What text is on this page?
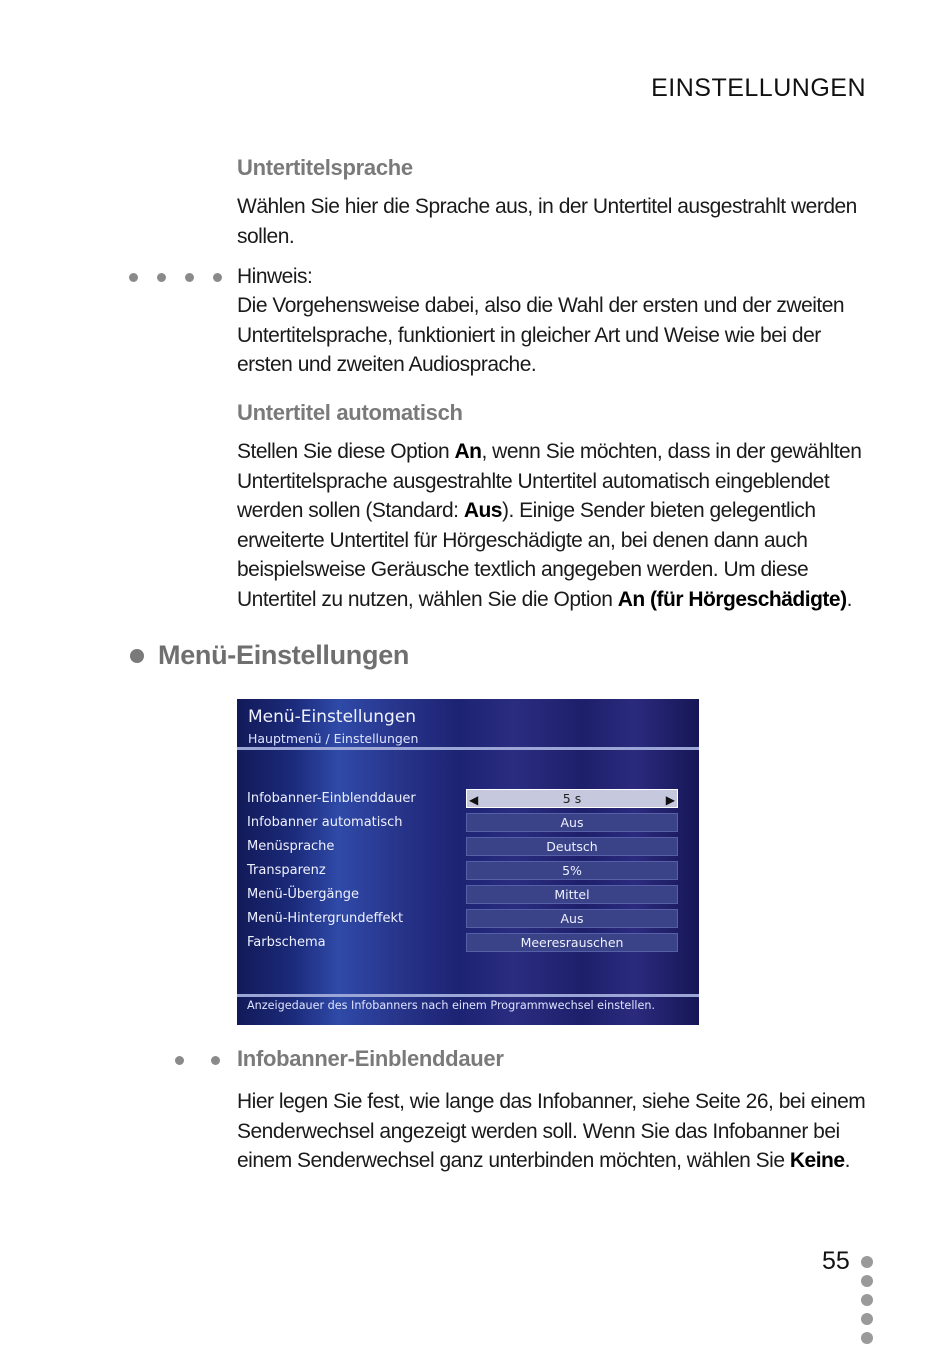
EINSTELLUNGEN
Untertitelsprache
Wählen Sie hier die Sprache aus, in der Untertitel ausgestrahlt werden sollen.
Hinweis:
Die Vorgehensweise dabei, also die Wahl der ersten und der zweiten Untertitelsprache, funktioniert in gleicher Art und Weise wie bei der ersten und zweiten Audiosprache.
Untertitel automatisch
Stellen Sie diese Option An, wenn Sie möchten, dass in der gewählten Untertitelsprache ausgestrahlte Untertitel automatisch eingeblendet werden sollen (Standard: Aus). Einige Sender bieten gelegentlich erweiterte Untertitel für Hörgeschädigte an, bei denen dann auch beispielsweise Geräusche textlich angegeben werden. Um diese Untertitel zu nutzen, wählen Sie die Option An (für Hörgeschädigte).
Menü-Einstellungen
Menü-Einstellungen
Hauptmenü / Einstellungen
Infobanner-Einblenddauer	◀	5 s	▶
Infobanner automatisch	Aus
Menüsprache	Deutsch
Transparenz	5%
Menü-Übergänge	Mittel
Menü-Hintergrundeffekt	Aus
Farbschema	Meeresrauschen
Anzeigedauer des Infobanners nach einem Programmwechsel einstellen.
Infobanner-Einblenddauer
Hier legen Sie fest, wie lange das Infobanner, siehe Seite 26, bei einem Senderwechsel angezeigt werden soll. Wenn Sie das Infobanner bei einem Senderwechsel ganz unterbinden möchten, wählen Sie Keine.
55
